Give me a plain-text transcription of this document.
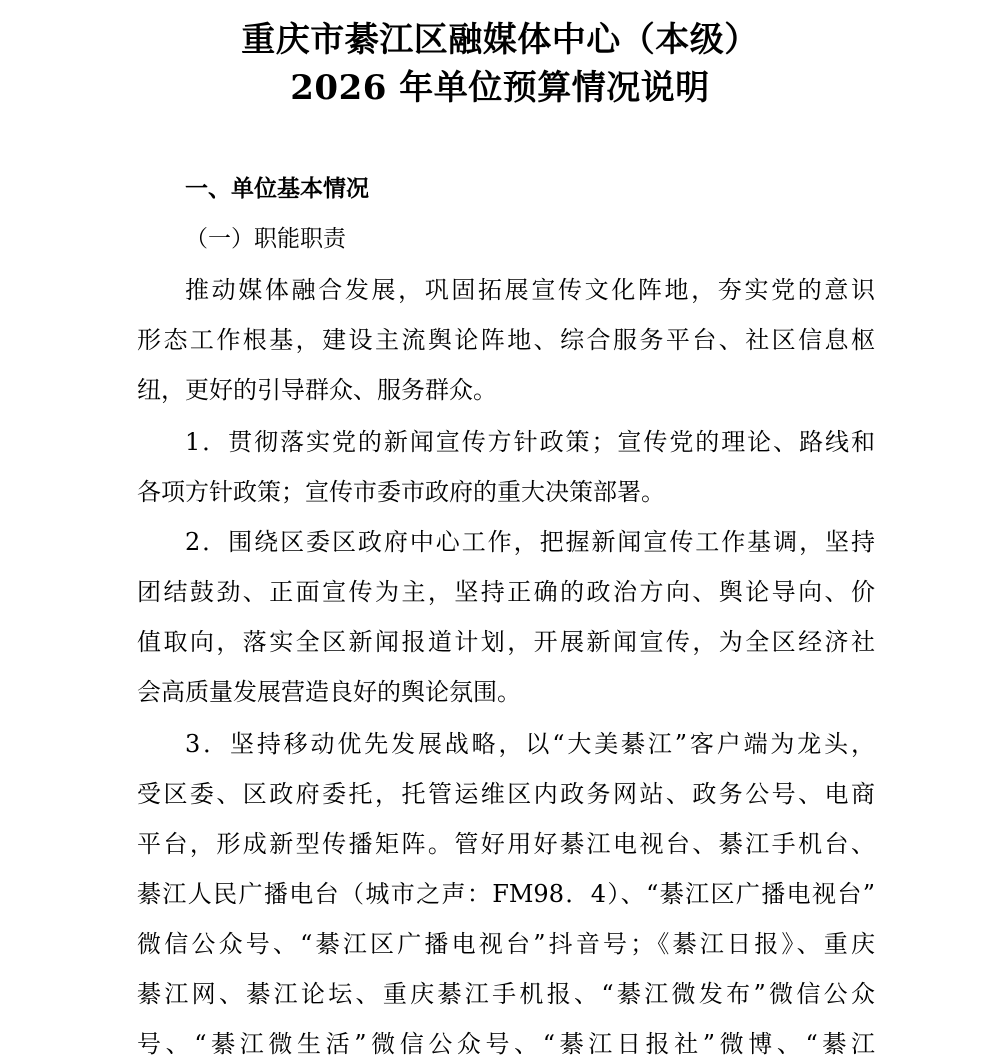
重庆市綦江区融媒体中心（本级）
2026 年单位预算情况说明
一、单位基本情况
（一）职能职责
推动媒体融合发展，巩固拓展宣传文化阵地，夯实党的意识
形态工作根基，建设主流舆论阵地、综合服务平台、社区信息枢
纽，更好的引导群众、服务群众。
1．贯彻落实党的新闻宣传方针政策；宣传党的理论、路线和
各项方针政策；宣传市委市政府的重大决策部署。
2．围绕区委区政府中心工作，把握新闻宣传工作基调，坚持
团结鼓劲、正面宣传为主，坚持正确的政治方向、舆论导向、价
值取向，落实全区新闻报道计划，开展新闻宣传，为全区经济社
会高质量发展营造良好的舆论氛围。
3．坚持移动优先发展战略，以“大美綦江”客户端为龙头，
受区委、区政府委托，托管运维区内政务网站、政务公号、电商
平台，形成新型传播矩阵。管好用好綦江电视台、綦江手机台、
綦江人民广播电台（城市之声：FM98．4）、“綦江区广播电视台”
微信公众号、“綦江区广播电视台”抖音号；《綦江日报》、重庆
綦江网、綦江论坛、重庆綦江手机报、“綦江微发布”微信公众
号、“綦江微生活”微信公众号、“綦江日报社”微博、“綦江
